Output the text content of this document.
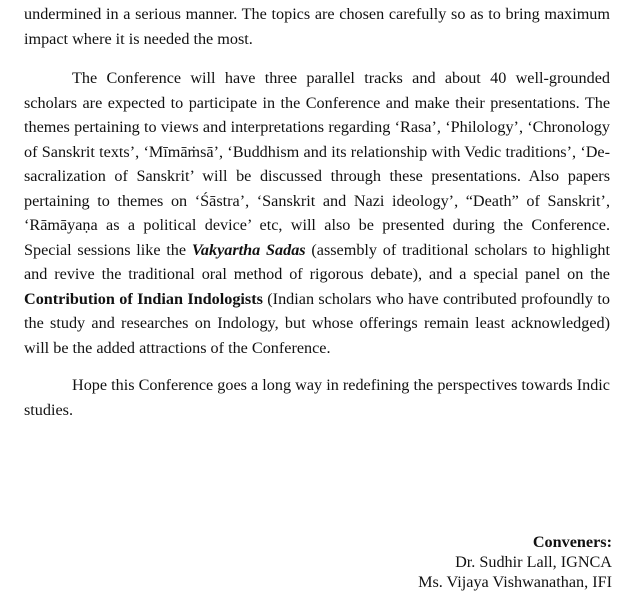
undermined in a serious manner. The topics are chosen carefully so as to bring maximum impact where it is needed the most.

The Conference will have three parallel tracks and about 40 well-grounded scholars are expected to participate in the Conference and make their presentations. The themes pertaining to views and interpretations regarding ‘Rasa’, ‘Philology’, ‘Chronology of Sanskrit texts’, ‘Mīmāṁsā’, ‘Buddhism and its relationship with Vedic traditions’, ‘De-sacralization of Sanskrit’ will be discussed through these presentations. Also papers pertaining to themes on ‘Śāstra’, ‘Sanskrit and Nazi ideology’, “Death” of Sanskrit’, ‘Rāmāyaṇa as a political device’ etc, will also be presented during the Conference. Special sessions like the Vakyartha Sadas (assembly of traditional scholars to highlight and revive the traditional oral method of rigorous debate), and a special panel on the Contribution of Indian Indologists (Indian scholars who have contributed profoundly to the study and researches on Indology, but whose offerings remain least acknowledged) will be the added attractions of the Conference.

Hope this Conference goes a long way in redefining the perspectives towards Indic studies.

Conveners:
Dr. Sudhir Lall, IGNCA
Ms. Vijaya Vishwanathan, IFI
